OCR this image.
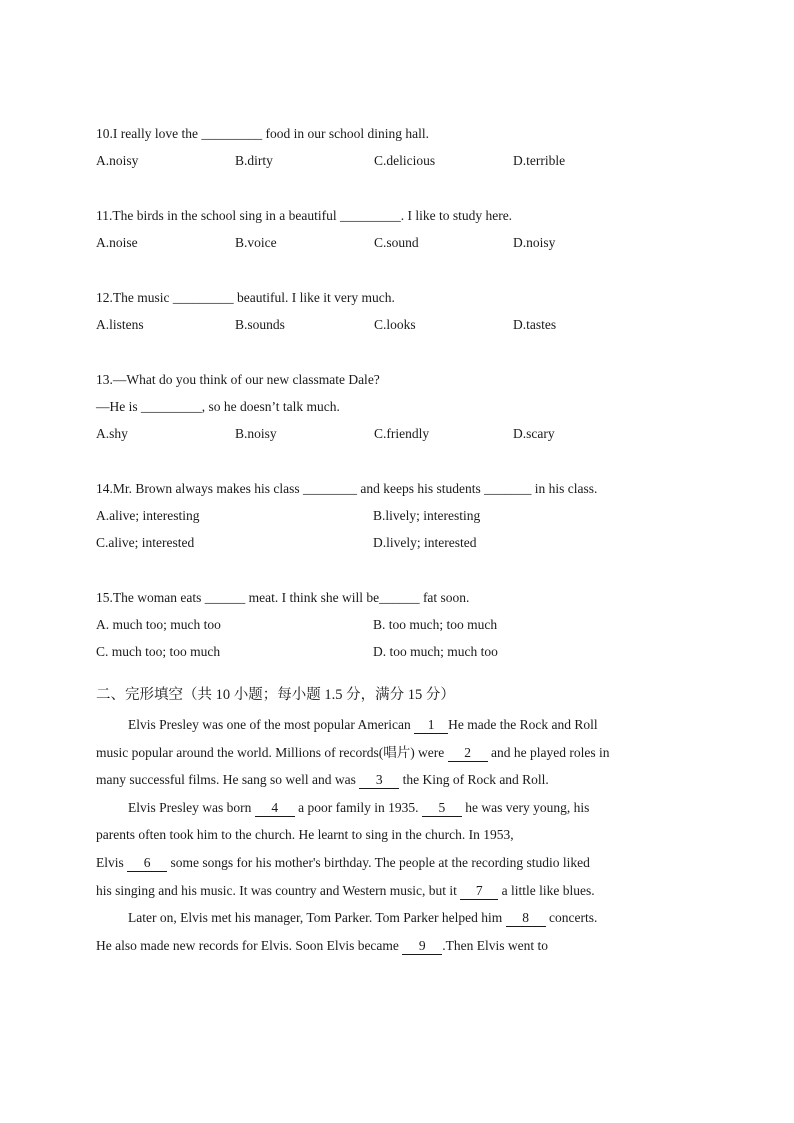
10.I really love the _________ food in our school dining hall.
A.noisy	B.dirty	C.delicious	D.terrible
11.The birds in the school sing in a beautiful _________. I like to study here.
A.noise	B.voice	C.sound	D.noisy
12.The music _________ beautiful. I like it very much.
A.listens	B.sounds	C.looks	D.tastes
13.—What do you think of our new classmate Dale?
—He is _________, so he doesn’t talk much.
A.shy	B.noisy	C.friendly	D.scary
14.Mr. Brown always makes his class ________ and keeps his students _______ in his class.
A.alive; interesting	B.lively; interesting
C.alive; interested	D.lively; interested
15.The woman eats ______ meat. I think she will be______ fat soon.
A. much too; much too	B. too much; too much
C. much too; too much	D. too much; much too
二、完形填空（共 10 小题；每小题 1.5 分，满分 15 分）
Elvis Presley was one of the most popular American 1 He made the Rock and Roll
music popular around the world. Millions of records(唱片) were 2 and he played roles in
many successful films. He sang so well and was 3 the King of Rock and Roll.
Elvis Presley was born 4 a poor family in 1935. 5 he was very young, his
parents often took him to the church. He learnt to sing in the church. In 1953,
Elvis 6 some songs for his mother's birthday. The people at the recording studio liked
his singing and his music. It was country and Western music, but it 7 a little like blues.
Later on, Elvis met his manager, Tom Parker. Tom Parker helped him 8 concerts.
He also made new records for Elvis. Soon Elvis became 9 .Then Elvis went to
